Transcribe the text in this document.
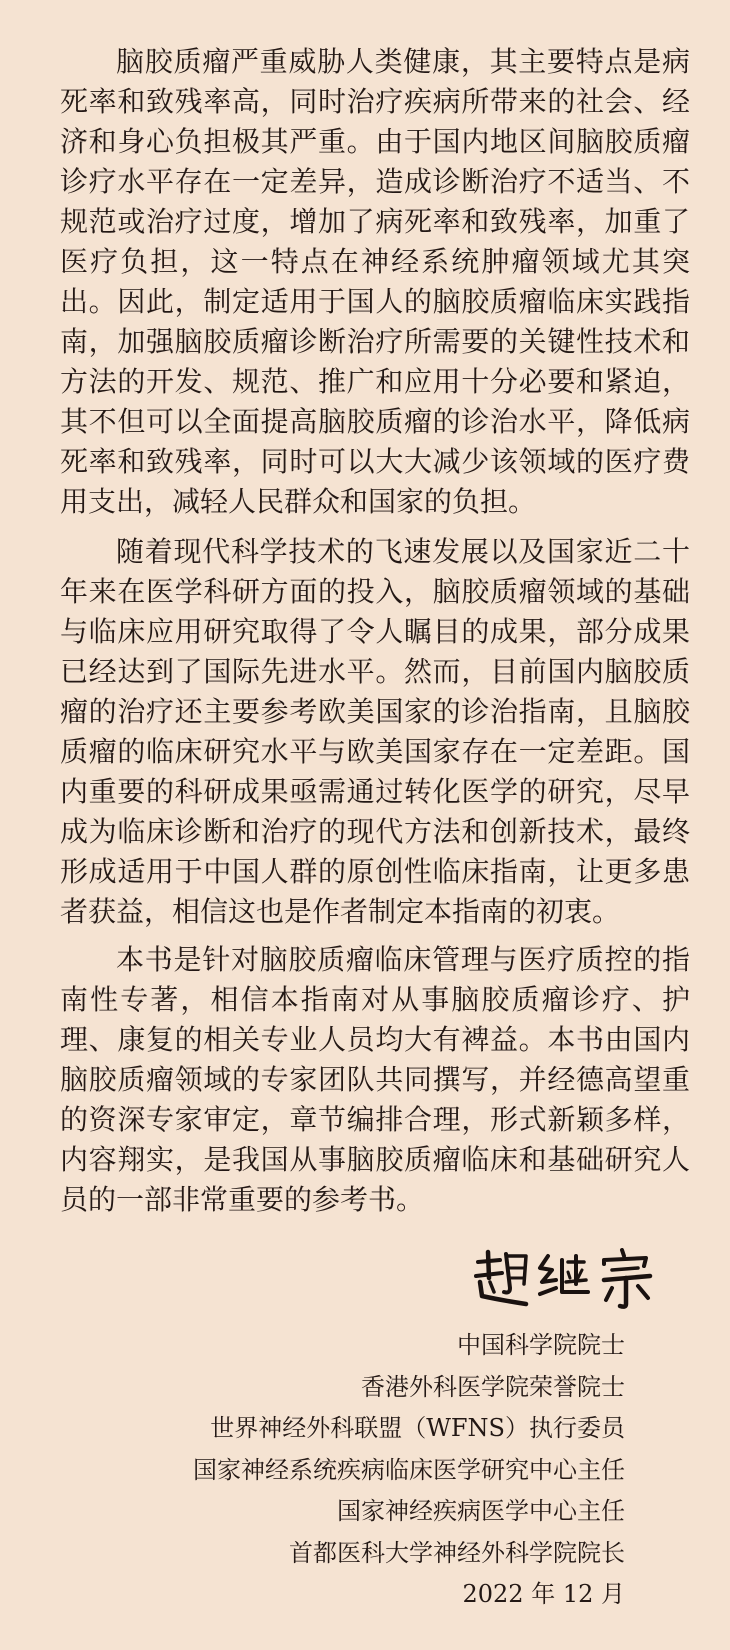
脑胶质瘤严重威胁人类健康，其主要特点是病死率和致残率高，同时治疗疾病所带来的社会、经济和身心负担极其严重。由于国内地区间脑胶质瘤诊疗水平存在一定差异，造成诊断治疗不适当、不规范或治疗过度，增加了病死率和致残率，加重了医疗负担，这一特点在神经系统肿瘤领域尤其突出。因此，制定适用于国人的脑胶质瘤临床实践指南，加强脑胶质瘤诊断治疗所需要的关键性技术和方法的开发、规范、推广和应用十分必要和紧迫，其不但可以全面提高脑胶质瘤的诊治水平，降低病死率和致残率，同时可以大大减少该领域的医疗费用支出，减轻人民群众和国家的负担。

随着现代科学技术的飞速发展以及国家近二十年来在医学科研方面的投入，脑胶质瘤领域的基础与临床应用研究取得了令人瞩目的成果，部分成果已经达到了国际先进水平。然而，目前国内脑胶质瘤的治疗还主要参考欧美国家的诊治指南，且脑胶质瘤的临床研究水平与欧美国家存在一定差距。国内重要的科研成果亟需通过转化医学的研究，尽早成为临床诊断和治疗的现代方法和创新技术，最终形成适用于中国人群的原创性临床指南，让更多患者获益，相信这也是作者制定本指南的初衷。

本书是针对脑胶质瘤临床管理与医疗质控的指南性专著，相信本指南对从事脑胶质瘤诊疗、护理、康复的相关专业人员均大有裨益。本书由国内脑胶质瘤领域的专家团队共同撰写，并经德高望重的资深专家审定，章节编排合理，形式新颖多样，内容翔实，是我国从事脑胶质瘤临床和基础研究人员的一部非常重要的参考书。

中国科学院院士
香港外科医学院荣誉院士
世界神经外科联盟（WFNS）执行委员
国家神经系统疾病临床医学研究中心主任
国家神经疾病医学中心主任
首都医科大学神经外科学院院长
2022 年 12 月
